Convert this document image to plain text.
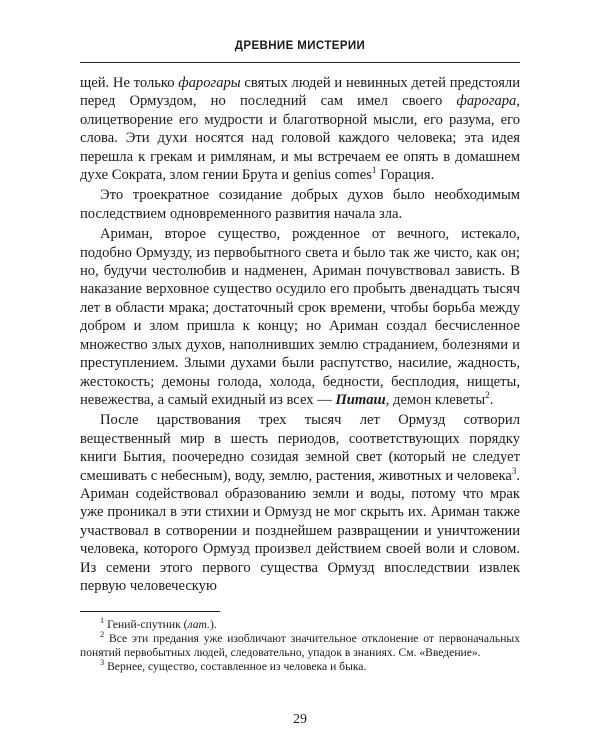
ДРЕВНИЕ МИСТЕРИИ

щей. Не только фарогары святых людей и невинных детей предстояли перед Ормуздом, но последний сам имел своего фарогара, олицетворение его мудрости и благотворной мысли, его разума, его слова. Эти духи носятся над головой каждого человека; эта идея перешла к грекам и римлянам, и мы встречаем ее опять в домашнем духе Сократа, злом гении Брута и genius comes$^1$ Горация.

Это троекратное созидание добрых духов было необходимым последствием одновременного развития начала зла.

Ариман, второе существо, рожденное от вечного, истекало, подобно Ормузду, из первобытного света и было так же чисто, как он; но, будучи честолюбив и надменен, Ариман почувствовал зависть. В наказание верховное существо осудило его пробыть двенадцать тысяч лет в области мрака; достаточный срок времени, чтобы борьба между добром и злом пришла к концу; но Ариман создал бесчисленное множество злых духов, наполнивших землю страданием, болезнями и преступлением. Злыми духами были распутство, насилие, жадность, жестокость; демоны голода, холода, бедности, бесплодия, нищеты, невежества, а самый ехидный из всех — Питаш, демон клеветы$^2$.

После царствования трех тысяч лет Ормузд сотворил вещественный мир в шесть периодов, соответствующих порядку книги Бытия, поочередно созидая земной свет (который не следует смешивать с небесным), воду, землю, растения, животных и человека$^3$. Ариман содействовал образованию земли и воды, потому что мрак уже проникал в эти стихии и Ормузд не мог скрыть их. Ариман также участвовал в сотворении и позднейшем развращении и уничтожении человека, которого Ормузд произвел действием своей воли и словом. Из семени этого первого существа Ормузд впоследствии извлек первую человеческую

$^1$ Гений-спутник (лат.).

$^2$ Все эти предания уже изобличают значительное отклонение от первоначальных понятий первобытных людей, следовательно, упадок в знаниях. См. «Введение».

$^3$ Вернее, существо, составленное из человека и быка.

29
